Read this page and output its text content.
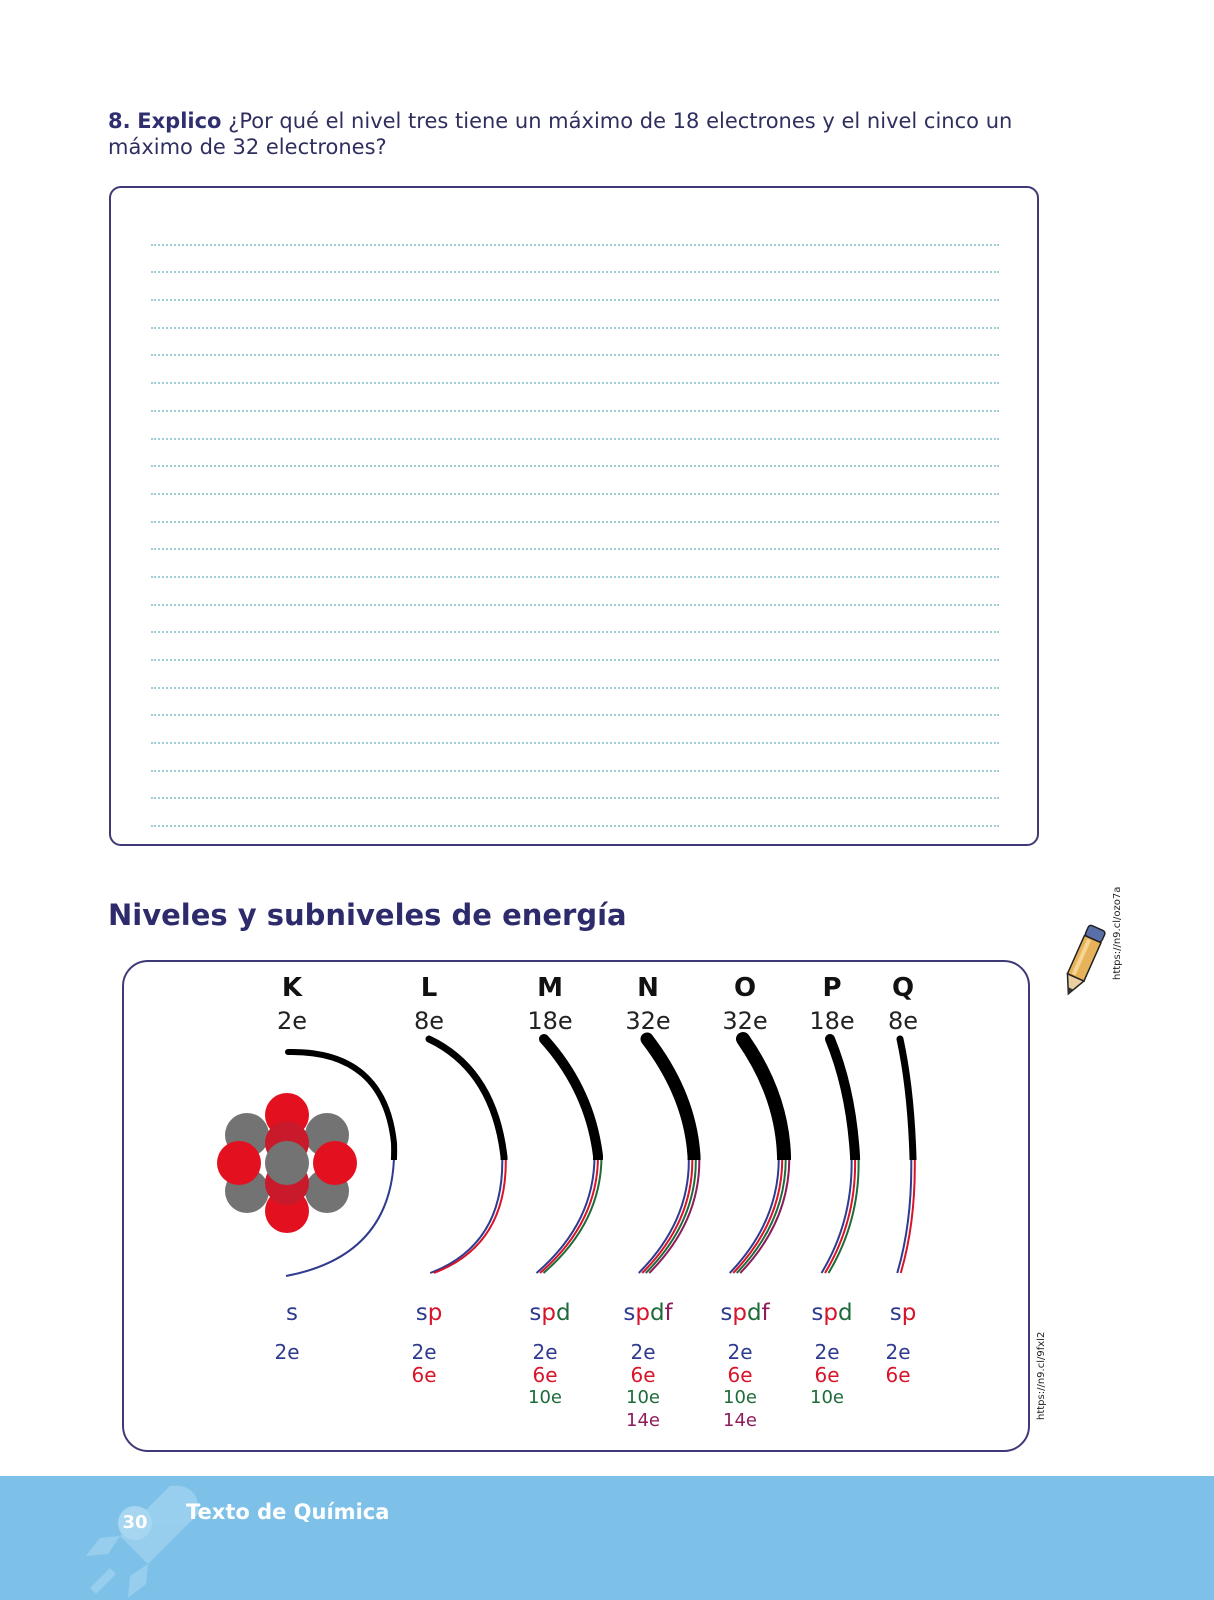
8. Explico ¿Por qué el nivel tres tiene un máximo de 18 electrones y el nivel cinco un máximo de 32 electrones?
https://n9.cl/ozo7a
Niveles y subniveles de energía
K
2e
s
2e
L
8e
sp
2e
6e
M
18e
spd
2e
6e
10e
N
32e
spdf
2e
6e
10e
14e
O
32e
spdf
2e
6e
10e
14e
P
18e
spd
2e
6e
10e
Q
8e
sp
2e
6e	https://n9.cl/9fxl2
30 Texto de Química
